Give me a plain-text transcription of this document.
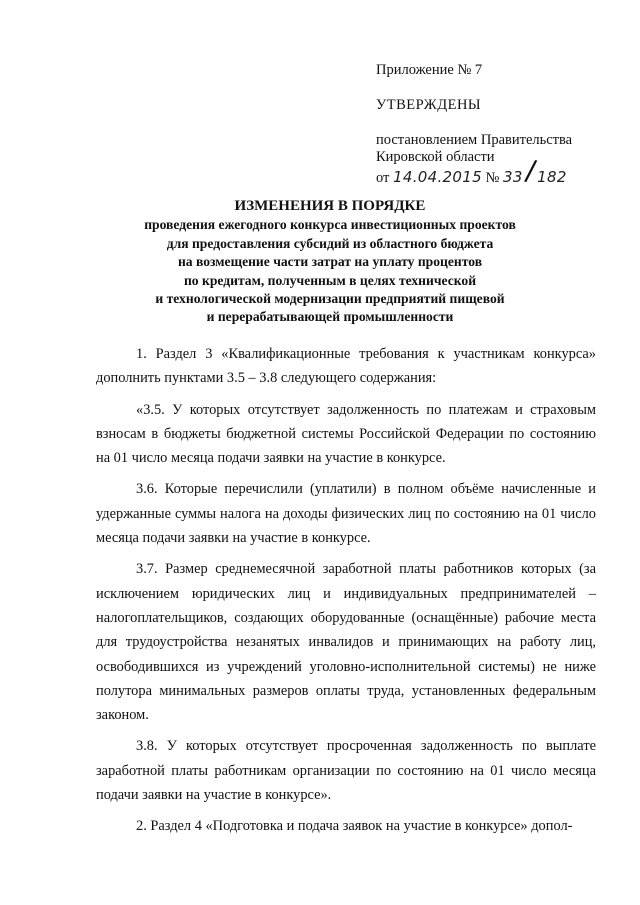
Приложение № 7

УТВЕРЖДЕНЫ

постановлением Правительства
Кировской области
от 14.04.2015 № 33/182
ИЗМЕНЕНИЯ В ПОРЯДКЕ
проведения ежегодного конкурса инвестиционных проектов
для предоставления субсидий из областного бюджета
на возмещение части затрат на уплату процентов
по кредитам, полученным в целях технической
и технологической модернизации предприятий пищевой
и перерабатывающей промышленности

1. Раздел 3 «Квалификационные требования к участникам конкурса» дополнить пунктами 3.5 – 3.8 следующего содержания:

«3.5. У которых отсутствует задолженность по платежам и страховым взносам в бюджеты бюджетной системы Российской Федерации по состоянию на 01 число месяца подачи заявки на участие в конкурсе.

3.6. Которые перечислили (уплатили) в полном объёме начисленные и удержанные суммы налога на доходы физических лиц по состоянию на 01 число месяца подачи заявки на участие в конкурсе.

3.7. Размер среднемесячной заработной платы работников которых (за исключением юридических лиц и индивидуальных предпринимателей – налогоплательщиков, создающих оборудованные (оснащённые) рабочие места для трудоустройства незанятых инвалидов и принимающих на работу лиц, освободившихся из учреждений уголовно-исполнительной системы) не ниже полутора минимальных размеров оплаты труда, установленных федеральным законом.

3.8. У которых отсутствует просроченная задолженность по выплате заработной платы работникам организации по состоянию на 01 число месяца подачи заявки на участие в конкурсе».

2. Раздел 4 «Подготовка и подача заявок на участие в конкурсе» допол-
